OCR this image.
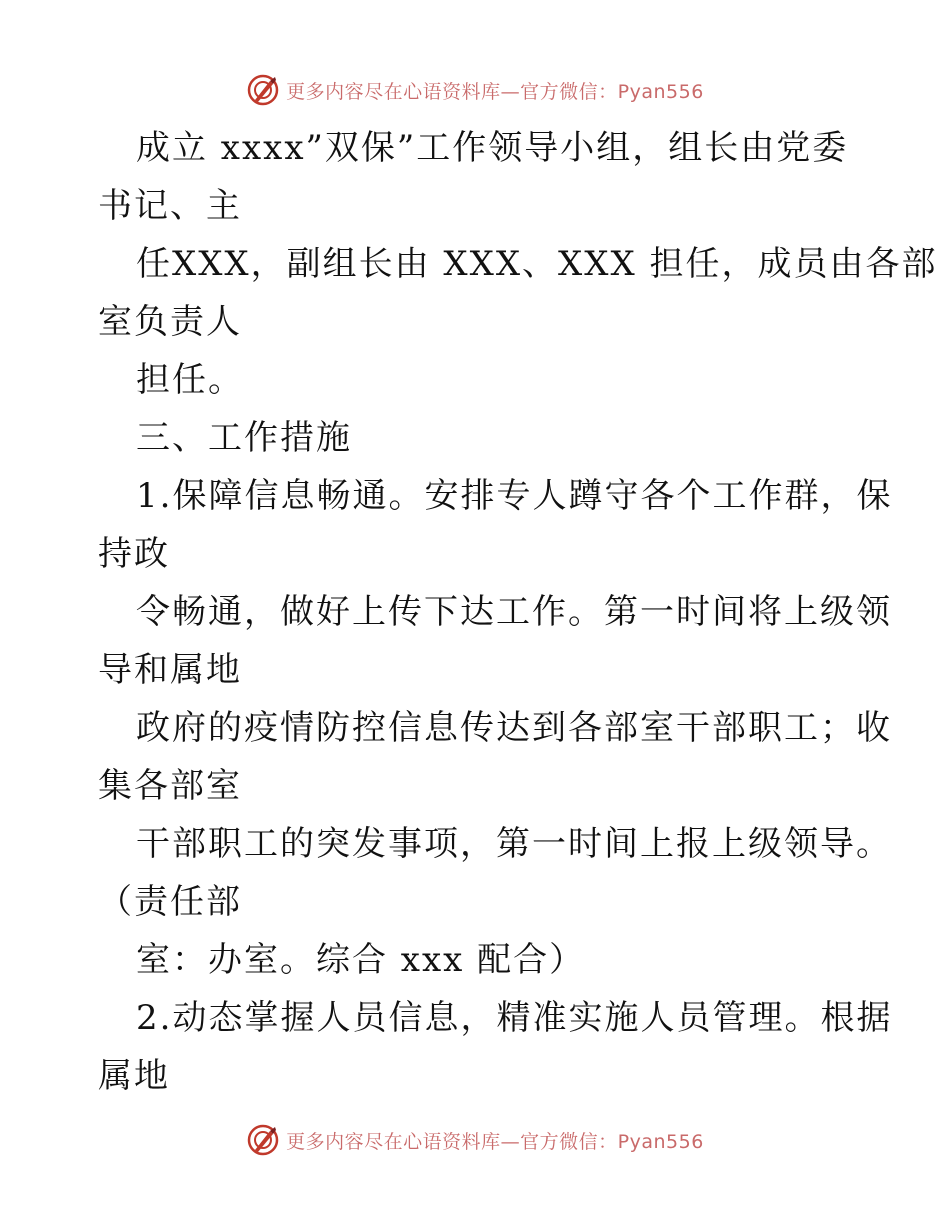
更多内容尽在心语资料库—官方微信：Pyan556
成立 xxxx”双保”工作领导小组，组长由党委
书记、主
任XXX，副组长由 XXX、XXX 担任，成员由各部
室负责人
担任。
三、工作措施
1.保障信息畅通。安排专人蹲守各个工作群，保
持政
令畅通，做好上传下达工作。第一时间将上级领
导和属地
政府的疫情防控信息传达到各部室干部职工；收
集各部室
干部职工的突发事项，第一时间上报上级领导。
（责任部
室：办室。综合 xxx 配合）
2.动态掌握人员信息，精准实施人员管理。根据
属地
更多内容尽在心语资料库—官方微信：Pyan556
